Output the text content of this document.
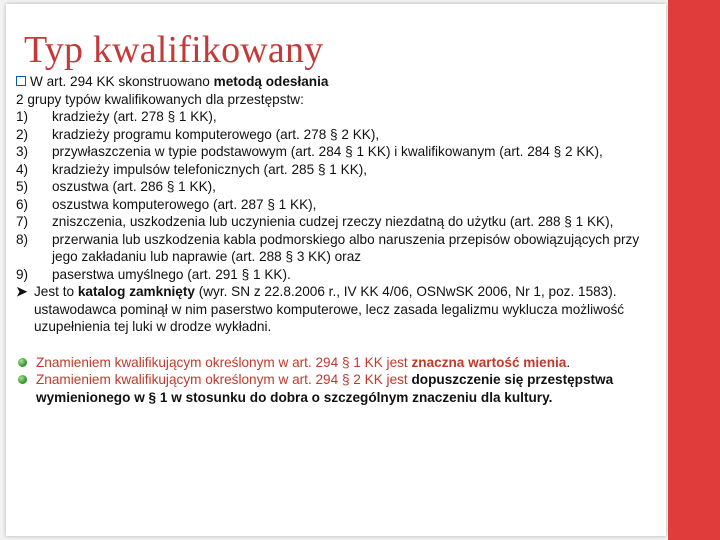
Typ kwalifikowany
W art. 294 KK skonstruowano metodą odesłania
2 grupy typów kwalifikowanych dla przestępstw:
1)	kradzieży (art. 278 § 1 KK),
2)	kradzieży programu komputerowego (art. 278 § 2 KK),
3)	przywłaszczenia w typie podstawowym (art. 284 § 1 KK) i kwalifikowanym (art. 284 § 2 KK),
4)	kradzieży impulsów telefonicznych (art. 285 § 1 KK),
5)	oszustwa (art. 286 § 1 KK),
6)	oszustwa komputerowego (art. 287 § 1 KK),
7)	zniszczenia, uszkodzenia lub uczynienia cudzej rzeczy niezdatną do użytku (art. 288 § 1 KK),
8)	przerwania lub uszkodzenia kabla podmorskiego albo naruszenia przepisów obowiązujących przy jego zakładaniu lub naprawie (art. 288 § 3 KK) oraz
9)	paserstwa umyślnego (art. 291 § 1 KK).
➤ Jest to katalog zamknięty (wyr. SN z 22.8.2006 r., IV KK 4/06, OSNwSK 2006, Nr 1, poz. 1583). ustawodawca pominął w nim paserstwo komputerowe, lecz zasada legalizmu wyklucza możliwość uzupełnienia tej luki w drodze wykładni.
Znamieniem kwalifikującym określonym w art. 294 § 1 KK jest znaczna wartość mienia.
Znamieniem kwalifikującym określonym w art. 294 § 2 KK jest dopuszczenie się przestępstwa wymienionego w § 1 w stosunku do dobra o szczególnym znaczeniu dla kultury.
